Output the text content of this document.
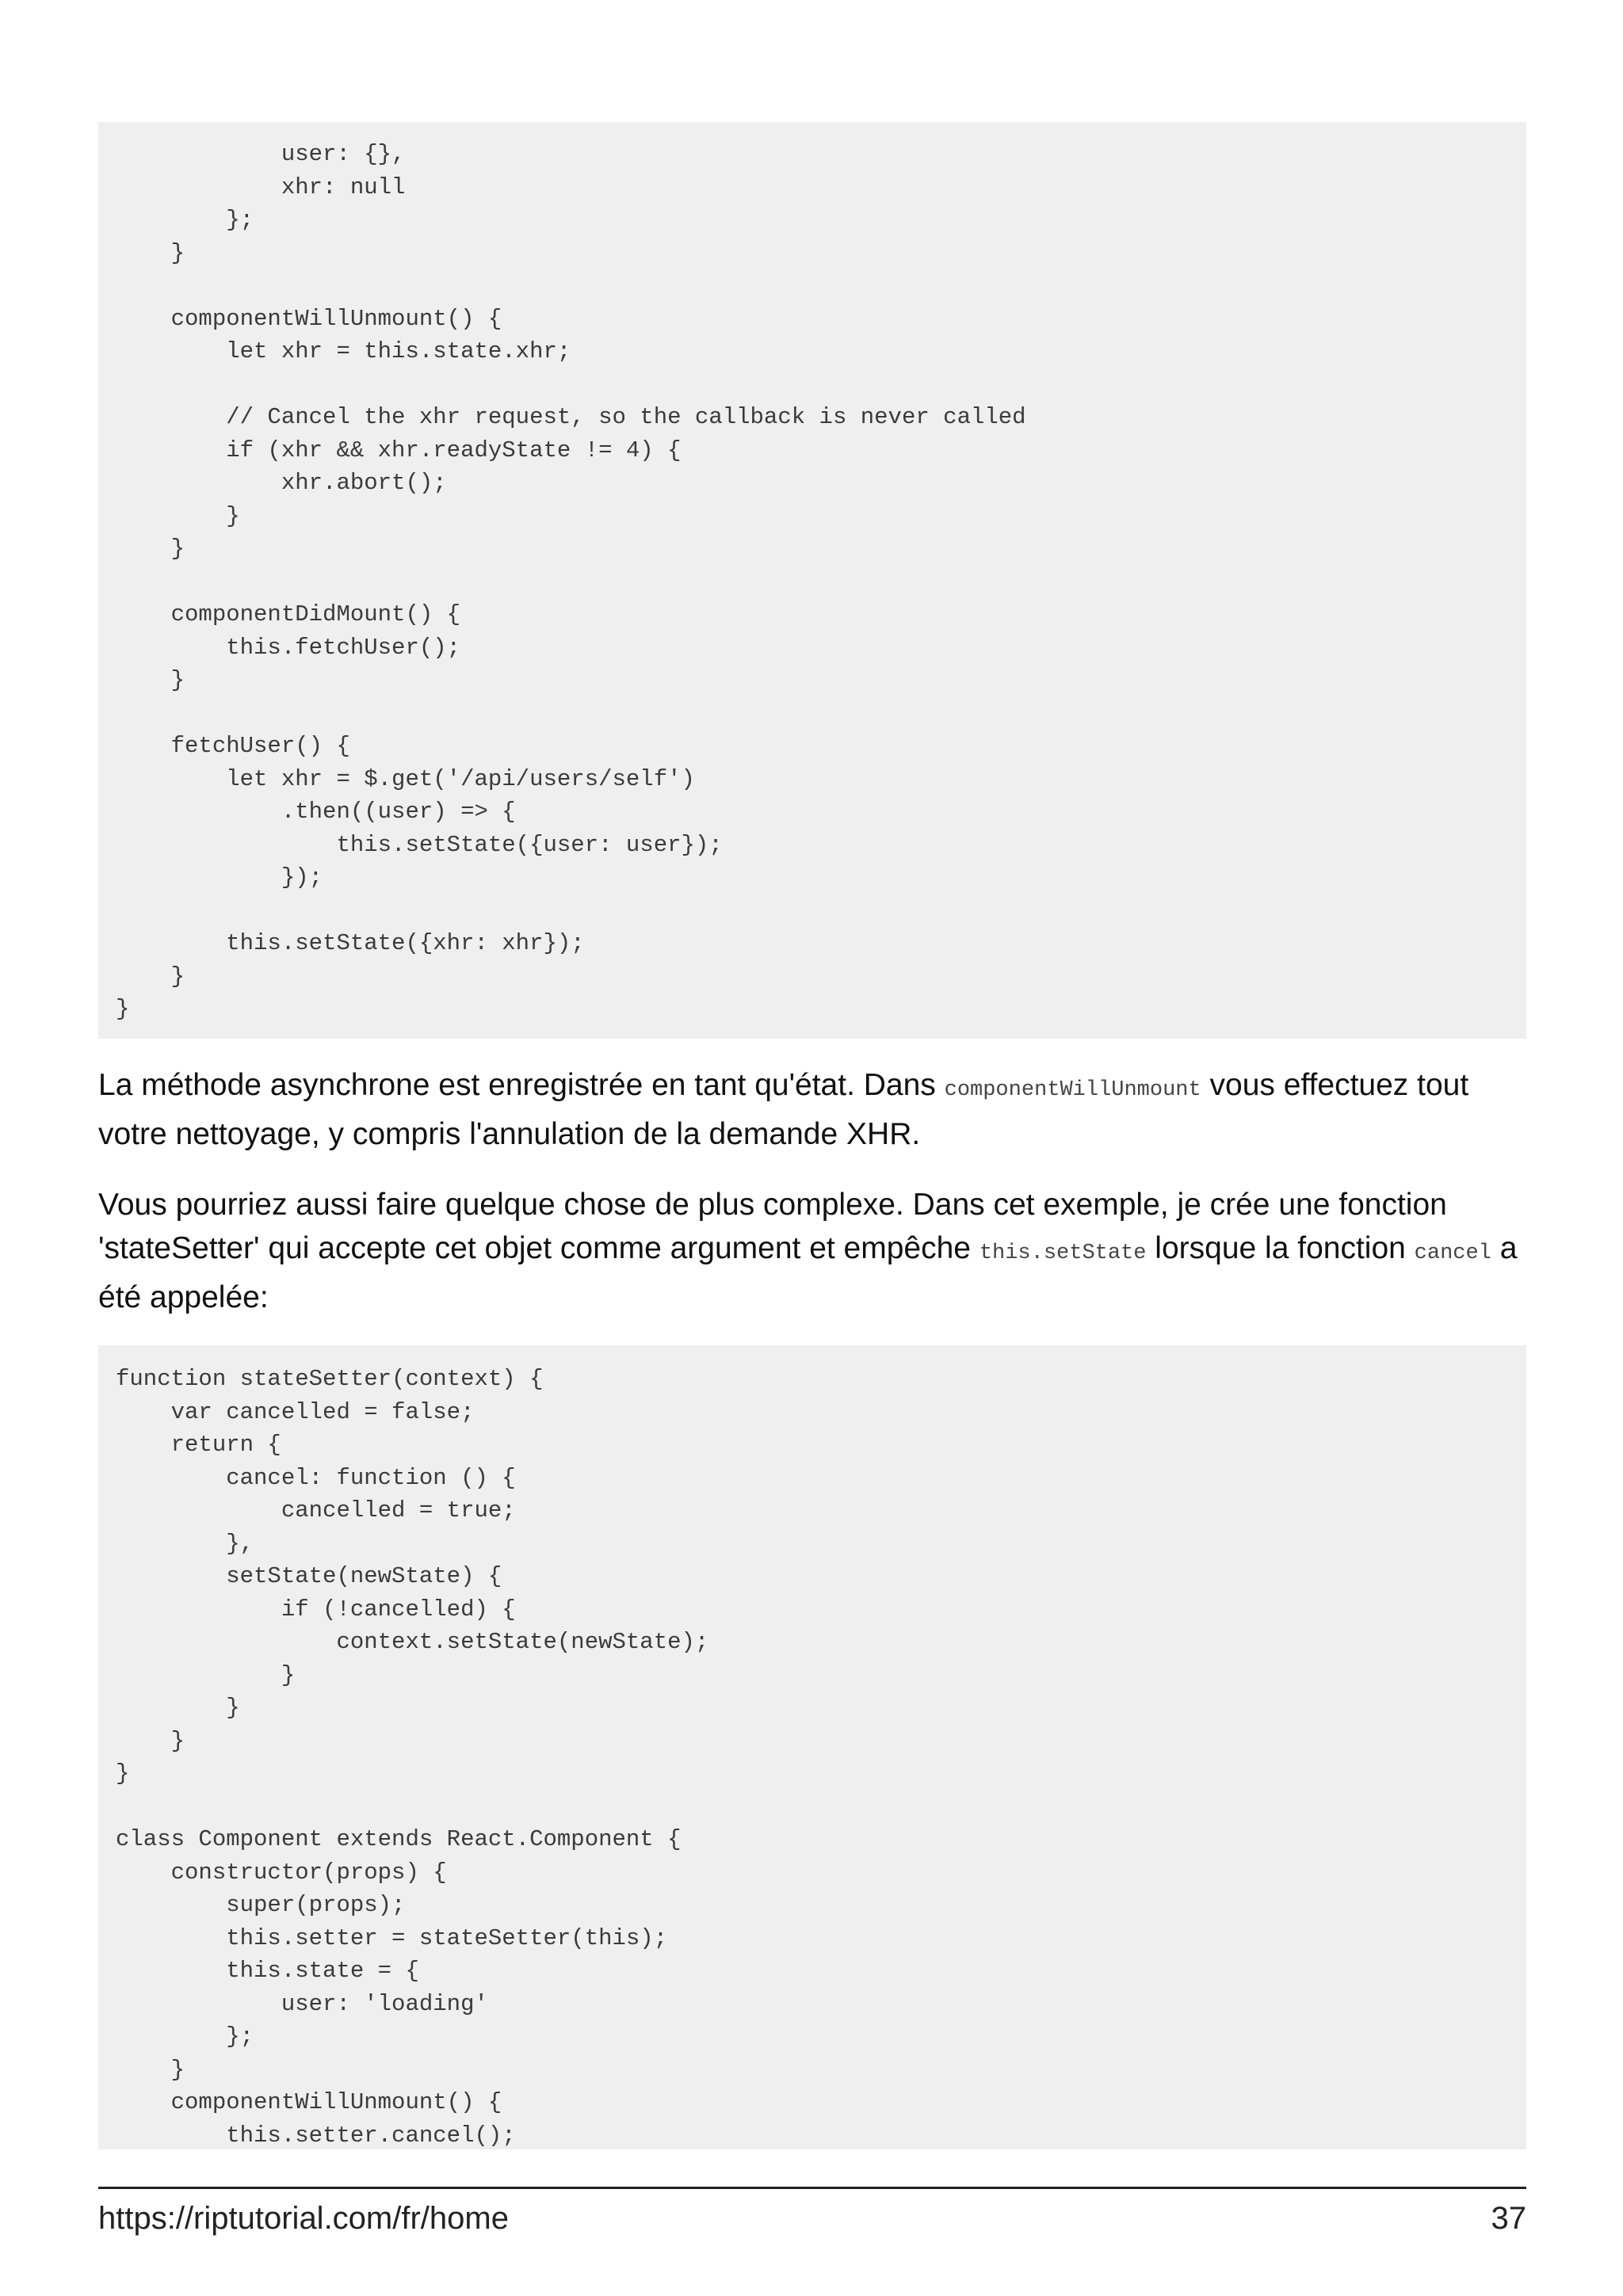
user: {},
xhr: null
};
}
componentWillUnmount() {
let xhr = this.state.xhr;
// Cancel the xhr request, so the callback is never called
if (xhr && xhr.readyState != 4) {
xhr.abort();
}
}
componentDidMount() {
this.fetchUser();
}
fetchUser() {
let xhr = $.get('/api/users/self')
.then((user) => {
this.setState({user: user});
});
this.setState({xhr: xhr});
}
}

La méthode asynchrone est enregistrée en tant qu'état. Dans componentWillUnmount vous effectuez tout votre nettoyage, y compris l'annulation de la demande XHR.

Vous pourriez aussi faire quelque chose de plus complexe. Dans cet exemple, je crée une fonction 'stateSetter' qui accepte cet objet comme argument et empêche this.setState lorsque la fonction cancel a été appelée:

function stateSetter(context) {
var cancelled = false;
return {
cancel: function () {
cancelled = true;
},
setState(newState) {
if (!cancelled) {
context.setState(newState);
}
}
}
}
class Component extends React.Component {
constructor(props) {
super(props);
this.setter = stateSetter(this);
this.state = {
user: 'loading'
};
}
componentWillUnmount() {
this.setter.cancel();
https://riptutorial.com/fr/home	37
